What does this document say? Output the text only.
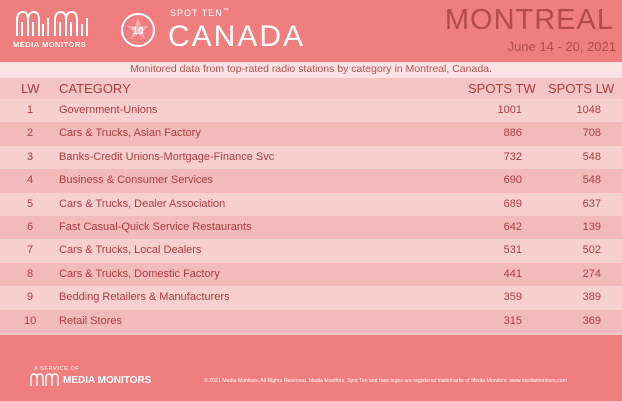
MEDIA MONITORS
10
SPOT TEN™
CANADA	MONTREAL
June 14 - 20, 2021
Monitored data from top-rated radio stations by category in Montreal, Canada.
LW CATEGORY	SPOTS TW SPOTS LW
1 Government-Unions	1001	1048
2 Cars & Trucks, Asian Factory	886	708
3 Banks-Credit Unions-Mortgage-Finance Svc	732	548
4 Business & Consumer Services	690	548
5 Cars & Trucks, Dealer Association	689	637
6 Fast Casual-Quick Service Restaurants	642	139
7 Cars & Trucks, Local Dealers	531	502
8 Cars & Trucks, Domestic Factory	441	274
9 Bedding Retailers & Manufacturers	359	389
10 Retail Stores	315	369
A SERVICE OF
MEDIA MONITORS	© 2021 Media Monitors. All Rights Reserved. Media Monitors, Spot Ten and their logos are registered trademarks of Media Monitors. www.mediamonitors.com
